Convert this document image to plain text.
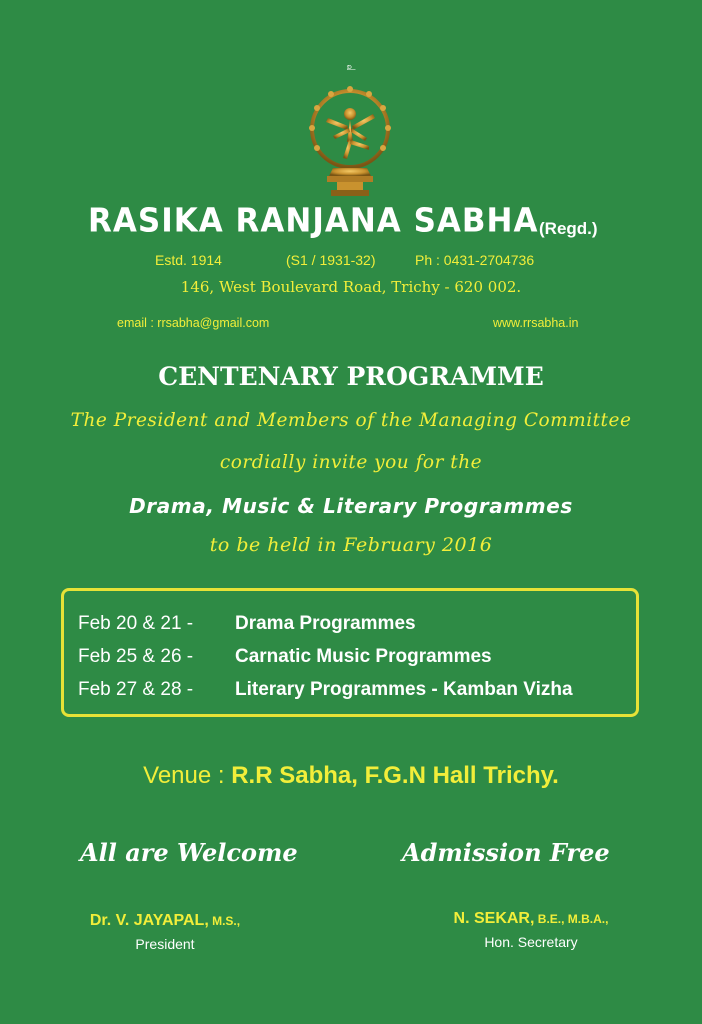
உ
RASIKA RANJANA SABHA (Regd.)
Estd. 1914	(S1 / 1931-32)	Ph : 0431-2704736
146, West Boulevard Road, Trichy - 620 002.
email : rrsabha@gmail.com	www.rrsabha.in
CENTENARY PROGRAMME
The President and Members of the Managing Committee
cordially invite you for the
Drama, Music & Literary Programmes
to be held in February 2016
Feb 20 & 21 - Drama Programmes
Feb 25 & 26 - Carnatic Music Programmes
Feb 27 & 28 - Literary Programmes - Kamban Vizha
Venue : R.R Sabha, F.G.N Hall Trichy.
All are Welcome	Admission Free
Dr. V. JAYAPAL, M.S.,
President
N. SEKAR, B.E., M.B.A.,
Hon. Secretary
